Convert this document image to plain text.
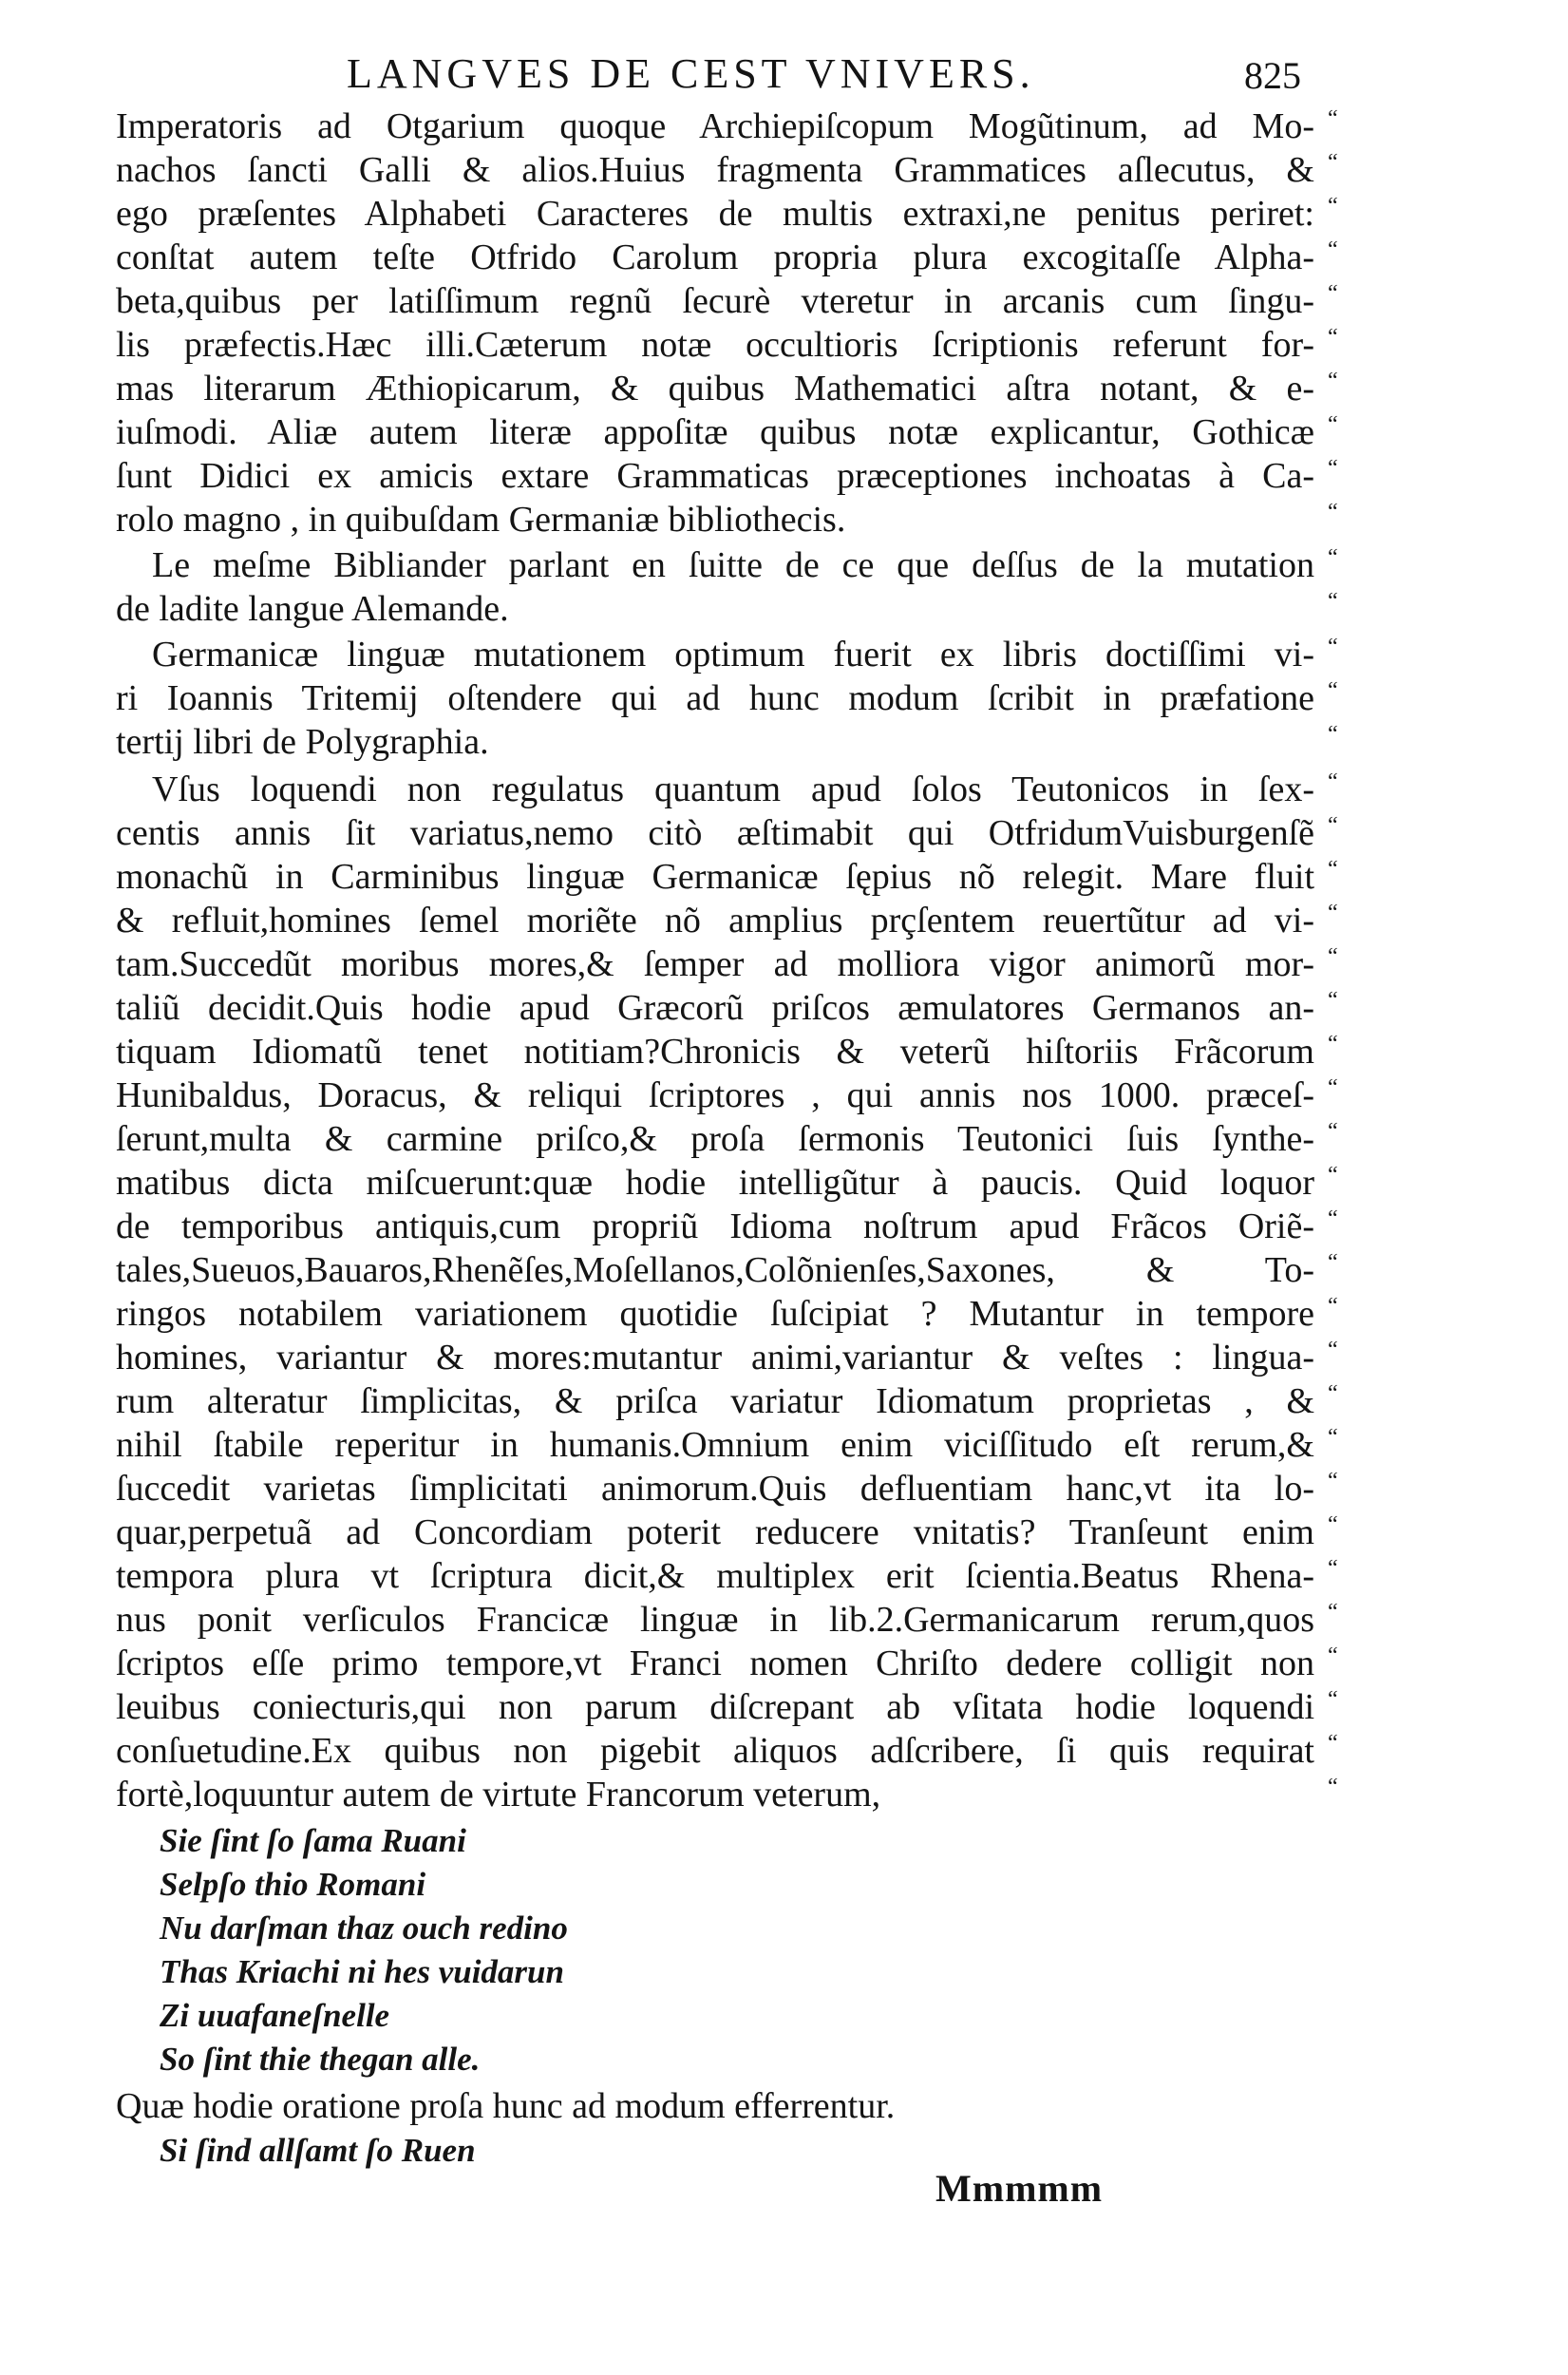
LANGVES DE CEST VNIVERS.	825
Imperatoris ad Otgarium quoque Archiepiſcopum Mogũtinum, ad Mo-
nachos ſancti Galli & alios.Huius fragmenta Grammatices aſlecutus, &
ego præſentes Alphabeti Caracteres de multis extraxi,ne penitus periret:
conſtat autem teſte Otfrido Carolum propria plura excogitaſſe Alpha-
beta,quibus per latiſſimum regnũ ſecurè vteretur in arcanis cum ſingu-
lis præfectis.Hæc illi.Cæterum notæ occultioris ſcriptionis referunt for-
mas literarum Æthiopicarum, & quibus Mathematici aſtra notant, & e-
iuſmodi. Aliæ autem literæ appoſitæ quibus notæ explicantur, Gothicæ
ſunt Didici ex amicis extare Grammaticas præceptiones inchoatas à Ca-
rolo magno , in quibuſdam Germaniæ bibliothecis.
Le meſme Bibliander parlant en ſuitte de ce que deſſus de la mutation
de ladite langue Alemande.
Germanicæ linguæ mutationem optimum fuerit ex libris doctiſſimi vi-
ri Ioannis Tritemij oſtendere qui ad hunc modum ſcribit in præfatione
tertij libri de Polygraphia.
Vſus loquendi non regulatus quantum apud ſolos Teutonicos in ſex-
centis annis ſit variatus,nemo citò æſtimabit qui OtfridumVuisburgenſẽ
monachũ in Carminibus linguæ Germanicæ ſępius nõ relegit. Mare fluit
& refluit,homines ſemel moriẽte nõ amplius prçſentem reuertũtur ad vi-
tam.Succedũt moribus mores,& ſemper ad molliora vigor animorũ mor-
taliũ decidit.Quis hodie apud Græcorũ priſcos æmulatores Germanos an-
tiquam Idiomatũ tenet notitiam?Chronicis & veterũ hiſtoriis Frãcorum
Hunibaldus, Doracus, & reliqui ſcriptores , qui annis nos 1000. præceſ-
ſerunt,multa & carmine priſco,& proſa ſermonis Teutonici ſuis ſynthe-
matibus dicta miſcuerunt:quæ hodie intelligũtur à paucis. Quid loquor
de temporibus antiquis,cum propriũ Idioma noſtrum apud Frãcos Oriẽ-
tales,Sueuos,Bauaros,Rhenẽſes,Moſellanos,Colõnienſes,Saxones, & To-
ringos notabilem variationem quotidie ſuſcipiat ? Mutantur in tempore
homines, variantur & mores:mutantur animi,variantur & veſtes : lingua-
rum alteratur ſimplicitas, & priſca variatur Idiomatum proprietas , &
nihil ſtabile reperitur in humanis.Omnium enim viciſſitudo eſt rerum,&
ſuccedit varietas ſimplicitati animorum.Quis defluentiam hanc,vt ita lo-
quar,perpetuã ad Concordiam poterit reducere vnitatis? Tranſeunt enim
tempora plura vt ſcriptura dicit,& multiplex erit ſcientia.Beatus Rhena-
nus ponit verſiculos Francicæ linguæ in lib.2.Germanicarum rerum,quos
ſcriptos eſſe primo tempore,vt Franci nomen Chriſto dedere colligit non
leuibus coniecturis,qui non parum diſcrepant ab vſitata hodie loquendi
conſuetudine.Ex quibus non pigebit aliquos adſcribere, ſi quis requirat
fortè,loquuntur autem de virtute Francorum veterum,
“
“
“
“
“
“
“
“
“
“
“
“
“
“
“
“
“
“
“
“
“
“
“
“
“
“
“
“
“
“
“
“
“
“
“
“
“
“
“
Sie ſint ſo ſama Ruani
Selpſo thio Romani
Nu darſman thaz ouch redino
Thas Kriachi ni hes vuidarun
Zi uuafaneſnelle
So ſint thie thegan alle.
Quæ hodie oratione proſa hunc ad modum efferrentur.
Si ſind allſamt ſo Ruen
Mmmmm
